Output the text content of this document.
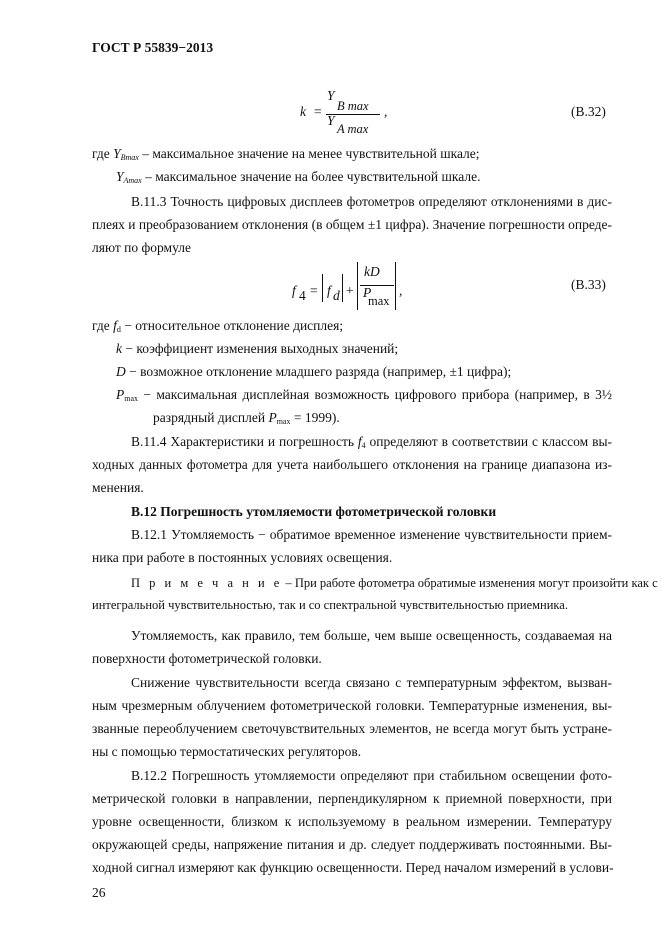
ГОСТ Р 55839−2013
k =
Y
B max
Y
A max
,	(В.32)
где $Y_{Bmax}$ – максимальное значение на менее чувствительной шкале;
$Y_{Amax}$ – максимальное значение на более чувствительной шкале.
В.11.3 Точность цифровых дисплеев фотометров определяют отклонениями в дис-
плеях и преобразованием отклонения (в общем ±1 цифра). Значение погрешности опреде-
ляют по формуле
f 4 = f d +
kD
P
max
,	(В.33)
где $f_d$ − относительное отклонение дисплея;
k − коэффициент изменения выходных значений;
D − возможное отклонение младшего разряда (например, ±1 цифра);
$P_{max}$ − максимальная дисплейная возможность цифрового прибора (например, в 3½
разрядный дисплей $P_{max} = 1999$).
В.11.4 Характеристики и погрешность $f_4$ определяют в соответствии с классом вы-
ходных данных фотометра для учета наибольшего отклонения на границе диапазона из-
менения.
В.12 Погрешность утомляемости фотометрической головки
В.12.1 Утомляемость − обратимое временное изменение чувствительности прием-
ника при работе в постоянных условиях освещения.
П р и м е ч а н и е – При работе фотометра обратимые изменения могут произойти как с
интегральной чувствительностью, так и со спектральной чувствительностью приемника.
Утомляемость, как правило, тем больше, чем выше освещенность, создаваемая на
поверхности фотометрической головки.
Снижение чувствительности всегда связано с температурным эффектом, вызван-
ным чрезмерным облучением фотометрической головки. Температурные изменения, вы-
званные переоблучением светочувствительных элементов, не всегда могут быть устране-
ны с помощью термостатических регуляторов.
В.12.2 Погрешность утомляемости определяют при стабильном освещении фото-
метрической головки в направлении, перпендикулярном к приемной поверхности, при
уровне освещенности, близком к используемому в реальном измерении. Температуру
окружающей среды, напряжение питания и др. следует поддерживать постоянными. Вы-
ходной сигнал измеряют как функцию освещенности. Перед началом измерений в услови-
26
